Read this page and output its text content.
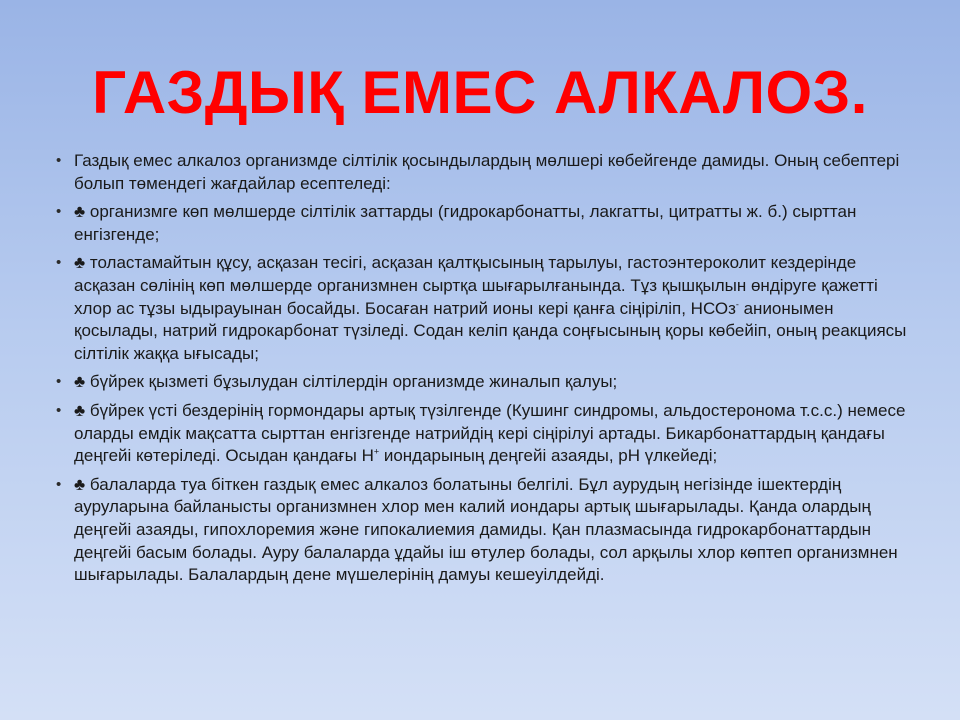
ГАЗДЫҚ ЕМЕС АЛКАЛОЗ.
• Газдық емес алкалоз организмде сілтілік қосындылардың мөлшері көбейгенде дамиды. Оның себептері болып төмендегі жағдайлар есептеледі:
• ♣ организмге көп мөлшерде сілтілік заттарды (гидрокарбонатты, лакгатты, цитратты ж. б.) сырттан енгізгенде;
• ♣ толастамайтын құсу, асқазан тесігі, асқазан қалтқысының тарылуы, гастоэнтероколит кездерінде асқазан сөлінің көп мөлшерде организмнен сыртқа шығарылғанында. Тұз қышқылын өндіруге қажетті хлор ас тұзы ыдырауынан босайды. Босаған натрий ионы кері қанға сіңіріліп, НСОз- анионымен қосылады, натрий гидрокарбонат түзіледі. Содан келіп қанда соңғысының қоры көбейіп, оның реакциясы сілтілік жаққа ығысады;
• ♣ бүйрек қызметі бұзылудан сілтілердін организмде жиналып қалуы;
• ♣ бүйрек үсті бездерінің гормондары артық түзілгенде (Кушинг синдромы, альдостеронома т.с.с.) немесе оларды емдік мақсатта сырттан енгізгенде натрийдің кері сіңірілуі артады. Бикарбонаттардың қандағы деңгейі көтеріледі. Осыдан қандағы Н+ иондарының деңгейі азаяды, рН үлкейеді;
• ♣ балаларда туа біткен газдық емес алкалоз болатыны белгілі. Бұл аурудың негізінде ішектердің ауруларына байланысты организмнен хлор мен калий иондары артық шығарылады. Қанда олардың деңгейі азаяды, гипохлоремия және гипокалиемия дамиды. Қан плазмасында гидрокарбонаттардын деңгейі басым болады. Ауру балаларда ұдайы іш өтулер болады, сол арқылы хлор көптеп организмнен шығарылады. Балалардың дене мүшелерінің дамуы кешеуілдейді.
